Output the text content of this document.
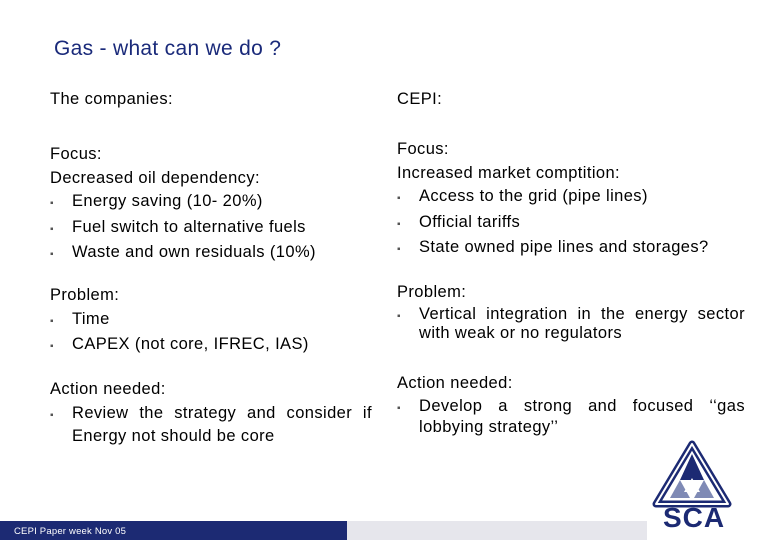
Gas - what can we do ?
The companies:	CEPI:
Focus:
Decreased oil dependency:
▪	Energy saving (10- 20%)
▪	Fuel switch to alternative fuels
▪	Waste and own residuals (10%)
Problem:
▪	Time
▪	CAPEX (not core, IFREC, IAS)
Action needed:
▪	Review the strategy and consider if Energy not should be core
Focus:
Increased market comptition:
▪	Access to the grid (pipe lines)
▪	Official tariffs
▪	State owned pipe lines and storages?
Problem:
▪	Vertical integration in the energy sector with weak or no regulators
Action needed:
▪	Develop a strong and focused ‘‘gas lobbying strategy’’
SCA
CEPI Paper week Nov 05
